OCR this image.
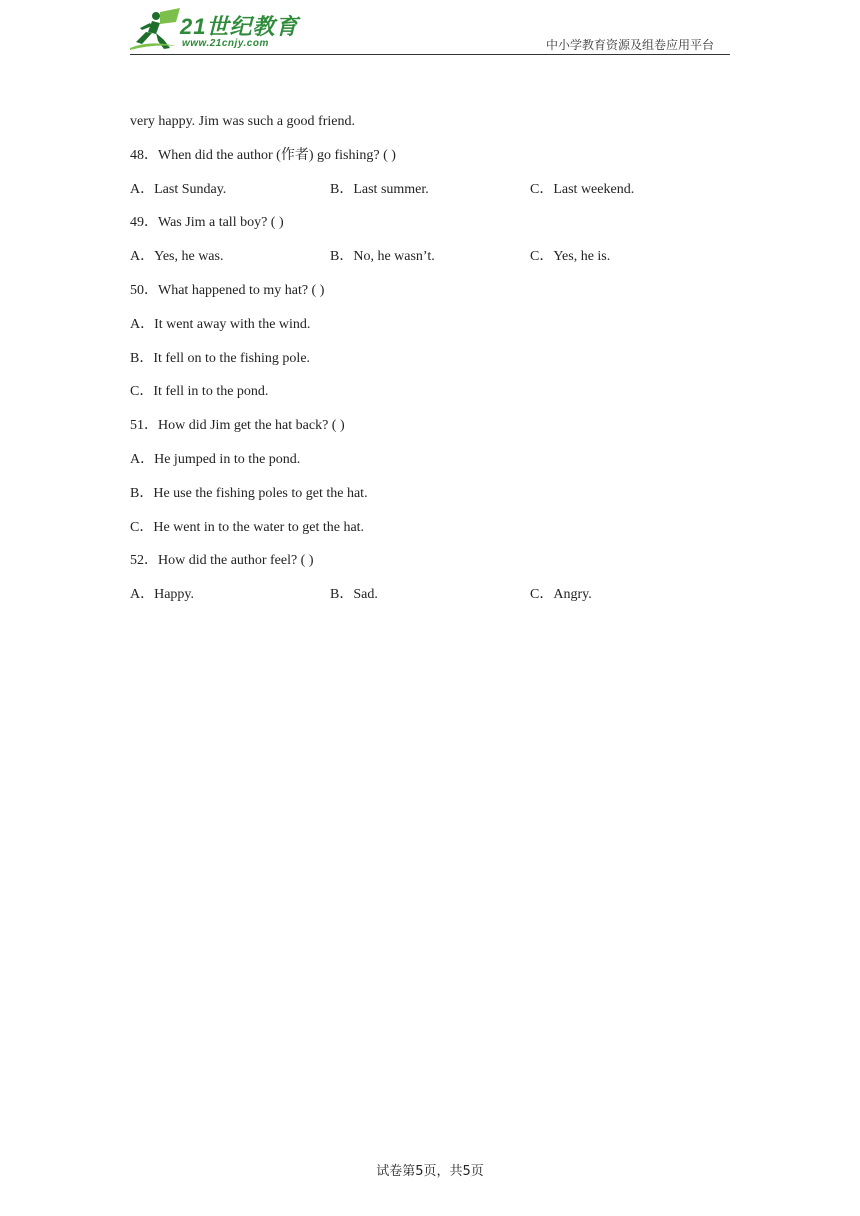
21世纪教育
www.21cnjy.com	中小学教育资源及组卷应用平台
very happy. Jim was such a good friend.
48．When did the author (作者) go fishing? ( )
A．Last Sunday.	B．Last summer.	C．Last weekend.
49．Was Jim a tall boy? ( )
A．Yes, he was.	B．No, he wasn’t.	C．Yes, he is.
50．What happened to my hat? ( )
A．It went away with the wind.
B．It fell on to the fishing pole.
C．It fell in to the pond.
51．How did Jim get the hat back? ( )
A．He jumped in to the pond.
B．He use the fishing poles to get the hat.
C．He went in to the water to get the hat.
52．How did the author feel? ( )
A．Happy.	B．Sad.	C．Angry.
试卷第5页，共5页
